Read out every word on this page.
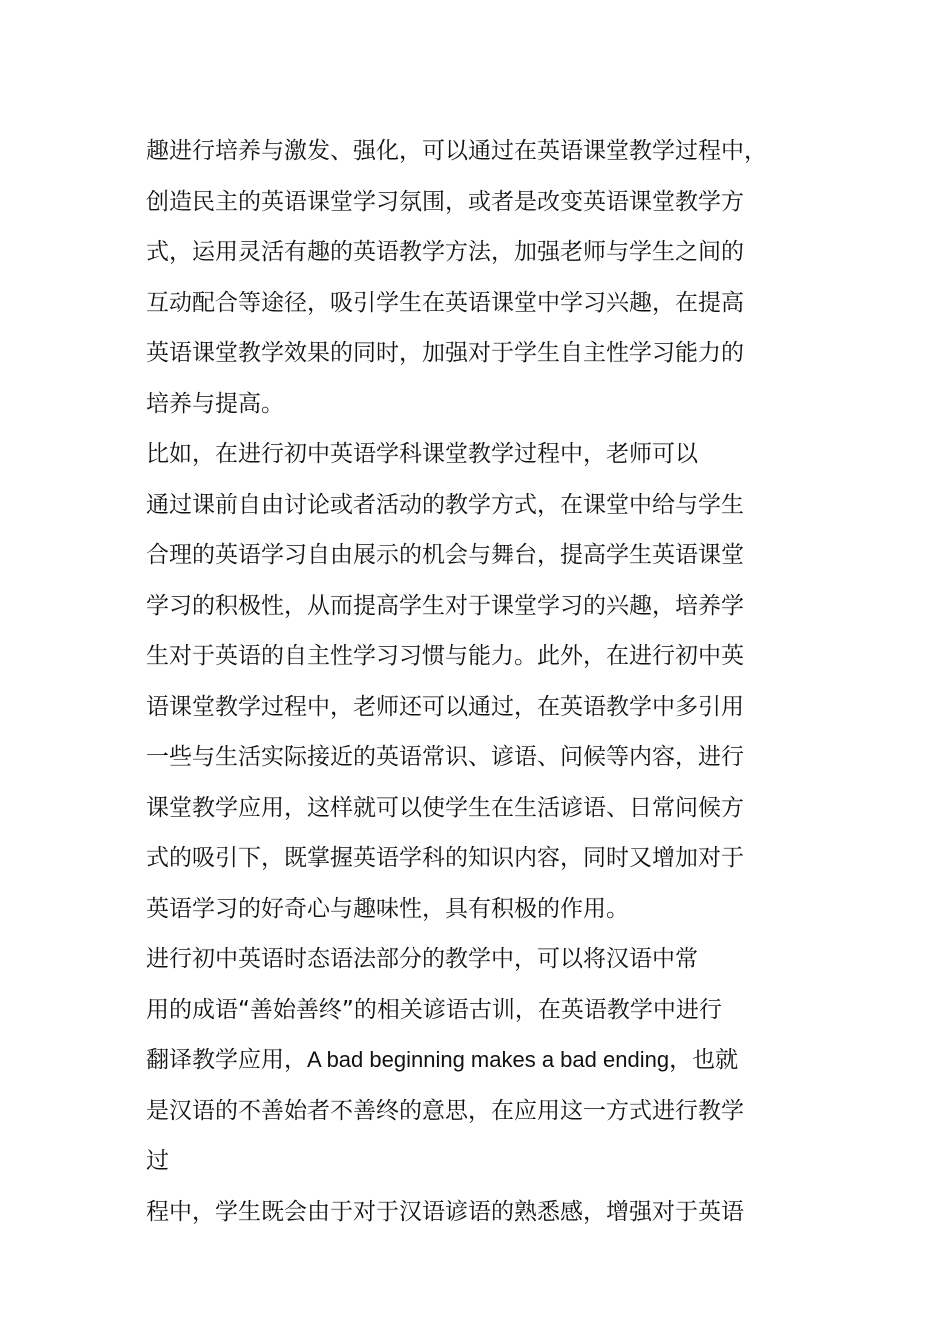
趣进行培养与激发、强化，可以通过在英语课堂教学过程中，
创造民主的英语课堂学习氛围，或者是改变英语课堂教学方
式，运用灵活有趣的英语教学方法，加强老师与学生之间的
互动配合等途径，吸引学生在英语课堂中学习兴趣，在提高
英语课堂教学效果的同时，加强对于学生自主性学习能力的
培养与提高。
比如，在进行初中英语学科课堂教学过程中，老师可以
通过课前自由讨论或者活动的教学方式，在课堂中给与学生
合理的英语学习自由展示的机会与舞台，提高学生英语课堂
学习的积极性，从而提高学生对于课堂学习的兴趣，培养学
生对于英语的自主性学习习惯与能力。此外，在进行初中英
语课堂教学过程中，老师还可以通过，在英语教学中多引用
一些与生活实际接近的英语常识、谚语、问候等内容，进行
课堂教学应用，这样就可以使学生在生活谚语、日常问候方
式的吸引下，既掌握英语学科的知识内容，同时又增加对于
英语学习的好奇心与趣味性，具有积极的作用。
进行初中英语时态语法部分的教学中，可以将汉语中常
用的成语“善始善终”的相关谚语古训，在英语教学中进行
翻译教学应用，A bad beginning makes a bad ending，也就
是汉语的不善始者不善终的意思，在应用这一方式进行教学
过
程中，学生既会由于对于汉语谚语的熟悉感，增强对于英语
